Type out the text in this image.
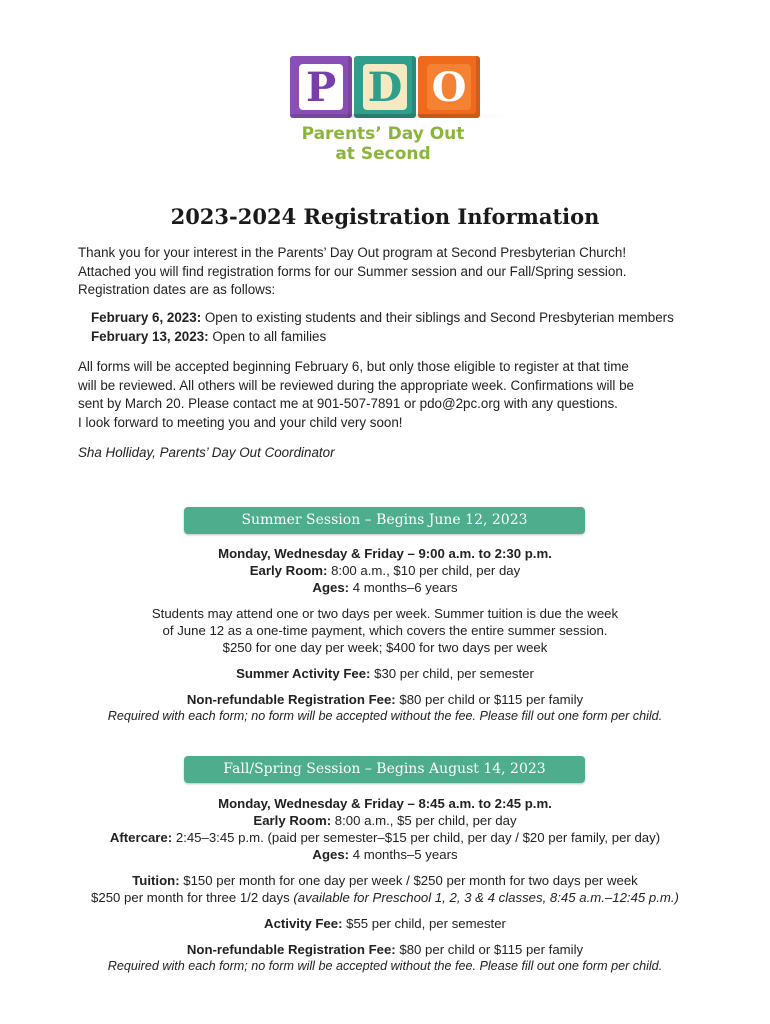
P D O
Parents’ Day Out
at Second
2023-2024 Registration Information
Thank you for your interest in the Parents’ Day Out program at Second Presbyterian Church!
Attached you will find registration forms for our Summer session and our Fall/Spring session.
Registration dates are as follows:
February 6, 2023: Open to existing students and their siblings and Second Presbyterian members
February 13, 2023: Open to all families
All forms will be accepted beginning February 6, but only those eligible to register at that time
will be reviewed. All others will be reviewed during the appropriate week. Confirmations will be
sent by March 20. Please contact me at 901-507-7891 or pdo@2pc.org with any questions.
I look forward to meeting you and your child very soon!
Sha Holliday, Parents’ Day Out Coordinator
Summer Session – Begins June 12, 2023
Monday, Wednesday & Friday – 9:00 a.m. to 2:30 p.m.
Early Room: 8:00 a.m., $10 per child, per day
Ages: 4 months–6 years
Students may attend one or two days per week. Summer tuition is due the week
of June 12 as a one-time payment, which covers the entire summer session.
$250 for one day per week; $400 for two days per week
Summer Activity Fee: $30 per child, per semester
Non-refundable Registration Fee: $80 per child or $115 per family
Required with each form; no form will be accepted without the fee. Please fill out one form per child.
Fall/Spring Session – Begins August 14, 2023
Monday, Wednesday & Friday – 8:45 a.m. to 2:45 p.m.
Early Room: 8:00 a.m., $5 per child, per day
Aftercare: 2:45–3:45 p.m. (paid per semester–$15 per child, per day / $20 per family, per day)
Ages: 4 months–5 years
Tuition: $150 per month for one day per week / $250 per month for two days per week
$250 per month for three 1/2 days (available for Preschool 1, 2, 3 & 4 classes, 8:45 a.m.–12:45 p.m.)
Activity Fee: $55 per child, per semester
Non-refundable Registration Fee: $80 per child or $115 per family
Required with each form; no form will be accepted without the fee. Please fill out one form per child.
